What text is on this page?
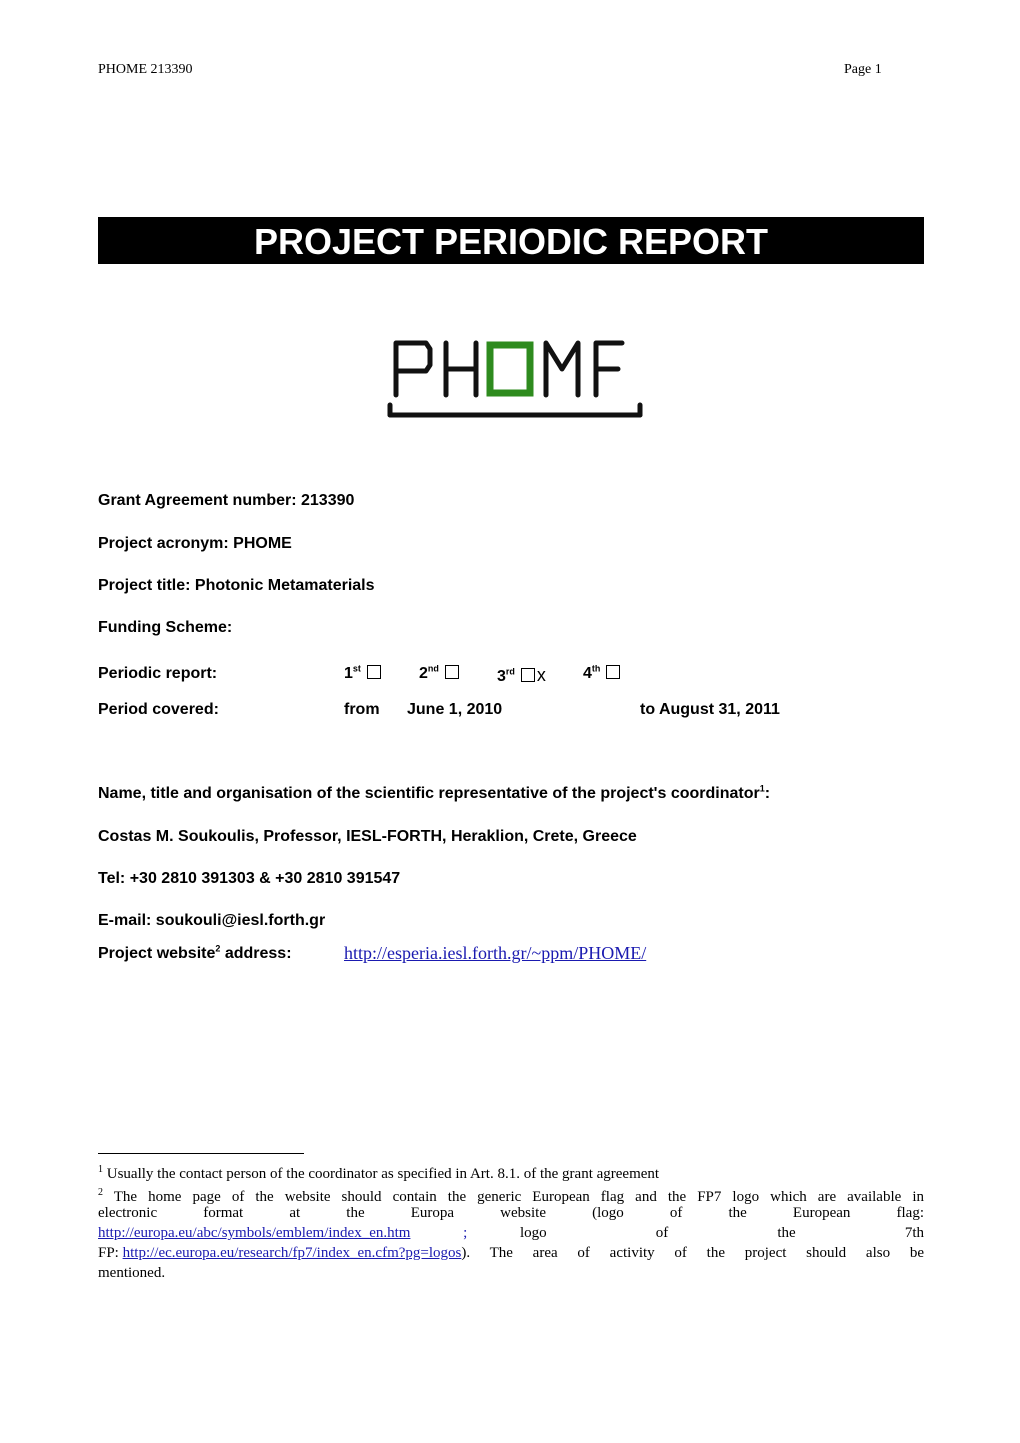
PHOME 213390	Page 1
PROJECT PERIODIC REPORT
Grant Agreement number: 213390
Project acronym: PHOME
Project title: Photonic Metamaterials
Funding Scheme:
Periodic report:	1st	2nd	3rd x 4th
Period covered:	from June 1, 2010	to August 31, 2011
Name, title and organisation of the scientific representative of the project's coordinator$^1$:
Costas M. Soukoulis, Professor, IESL-FORTH, Heraklion, Crete, Greece
Tel: +30 2810 391303 & +30 2810 391547
E-mail: soukouli@iesl.forth.gr
Project website$^2$ address:	http://esperia.iesl.forth.gr/~ppm/PHOME/
$^1$ Usually the contact person of the coordinator as specified in Art. 8.1. of the grant agreement
$^2$ The home page of the website should contain the generic European flag and the FP7 logo which are available in
electronic format at the Europa website (logo of the European flag:
http://europa.eu/abc/symbols/emblem/index_en.htm	;	logo of the 7th
FP: http://ec.europa.eu/research/fp7/index_en.cfm?pg=logos ). The area of activity of the project should also be
mentioned.
